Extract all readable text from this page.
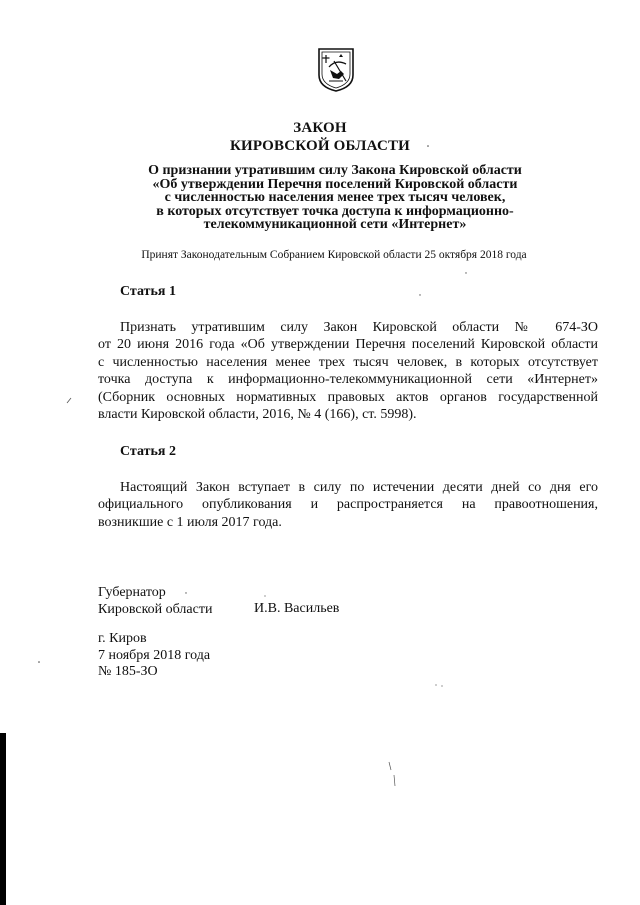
ЗАКОН
КИРОВСКОЙ ОБЛАСТИ
О признании утратившим силу Закона Кировской области
«Об утверждении Перечня поселений Кировской области
с численностью населения менее трех тысяч человек,
в которых отсутствует точка доступа к информационно-
телекоммуникационной сети «Интернет»
Принят Законодательным Собранием Кировской области 25 октября 2018 года
Статья 1
Признать утратившим силу Закон Кировской области № 674-ЗО
от 20 июня 2016 года «Об утверждении Перечня поселений Кировской области
с численностью населения менее трех тысяч человек, в которых отсутствует
точка доступа к информационно-телекоммуникационной сети «Интернет»
(Сборник основных нормативных правовых актов органов государственной
власти Кировской области, 2016, № 4 (166), ст. 5998).
Статья 2
Настоящий Закон вступает в силу по истечении десяти дней со дня его
официального опубликования и распространяется на правоотношения,
возникшие с 1 июля 2017 года.
Губернатор
Кировской области	И.В. Васильев
г. Киров
7 ноября 2018 года
№ 185-ЗО
